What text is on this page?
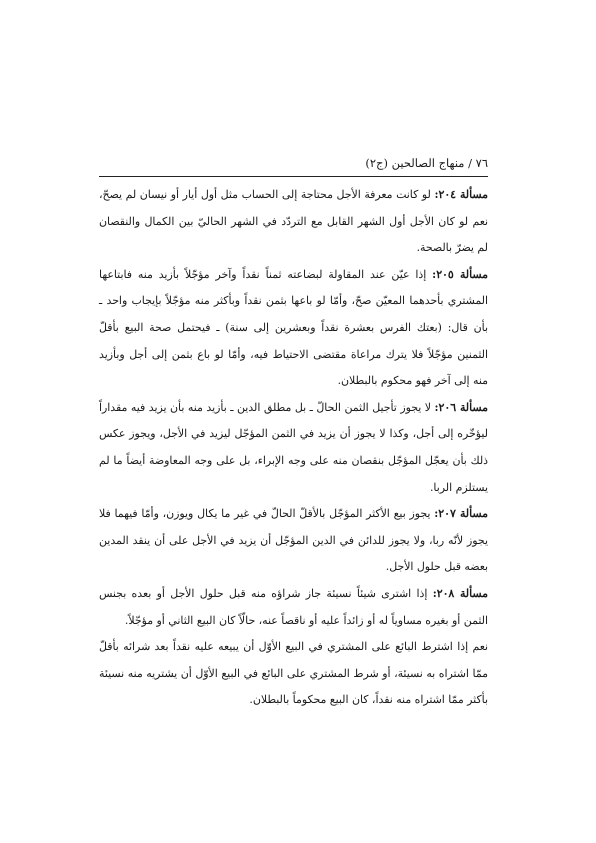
٧٦ / منهاج الصالحين (ج٢)

مسألة ٢٠٤: لو كانت معرفة الأجل محتاجة إلى الحساب مثل أول أيار أو نيسان لم يصحّ، نعم لو كان الأجل أول الشهر القابل مع التردّد في الشهر الحاليّ بين الكمال والنقصان لم يضرّ بالصحة.

مسألة ٢٠٥: إذا عيّن عند المقاولة لبضاعته ثمناً نقداً وآخر مؤجّلاً بأزيد منه فابتاعها المشتري بأحدهما المعيّن صحّ، وأمّا لو باعها بثمن نقداً وبأكثر منه مؤجّلاً بإيجاب واحد ـ بأن قال: (بعتك الفرس بعشرة نقداً وبعشرين إلى سنة) ـ فيحتمل صحة البيع بأقلّ الثمنين مؤجّلاً فلا يترك مراعاة مقتضى الاحتياط فيه، وأمّا لو باع بثمن إلى أجل وبأزيد منه إلى آخر فهو محكوم بالبطلان.

مسألة ٢٠٦: لا يجوز تأجيل الثمن الحالّ ـ بل مطلق الدين ـ بأزيد منه بأن يزيد فيه مقداراً ليؤخّره إلى أجل، وكذا لا يجوز أن يزيد في الثمن المؤجّل ليزيد في الأجل، ويجوز عكس ذلك بأن يعجّل المؤجّل بنقصان منه على وجه الإبراء، بل على وجه المعاوضة أيضاً ما لم يستلزم الربا.

مسألة ٢٠٧: يجوز بيع الأكثر المؤجّل بالأقلّ الحالّ في غير ما يكال ويوزن، وأمّا فيهما فلا يجوز لأنّه ربا، ولا يجوز للدائن في الدين المؤجّل أن يزيد في الأجل على أن ينقد المدين بعضه قبل حلول الأجل.

مسألة ٢٠٨: إذا اشترى شيئاً نسيئة جاز شراؤه منه قبل حلول الأجل أو بعده بجنس الثمن أو بغيره مساوياً له أو زائداً عليه أو ناقصاً عنه، حالّاً كان البيع الثاني أو مؤجّلاً.

نعم إذا اشترط البائع على المشتري في البيع الأوّل أن يبيعه عليه نقداً بعد شرائه بأقلّ ممّا اشتراه به نسيئة، أو شرط المشتري على البائع في البيع الأوّل أن يشتريه منه نسيئة بأكثر ممّا اشتراه منه نقداً، كان البيع محكوماً بالبطلان.
